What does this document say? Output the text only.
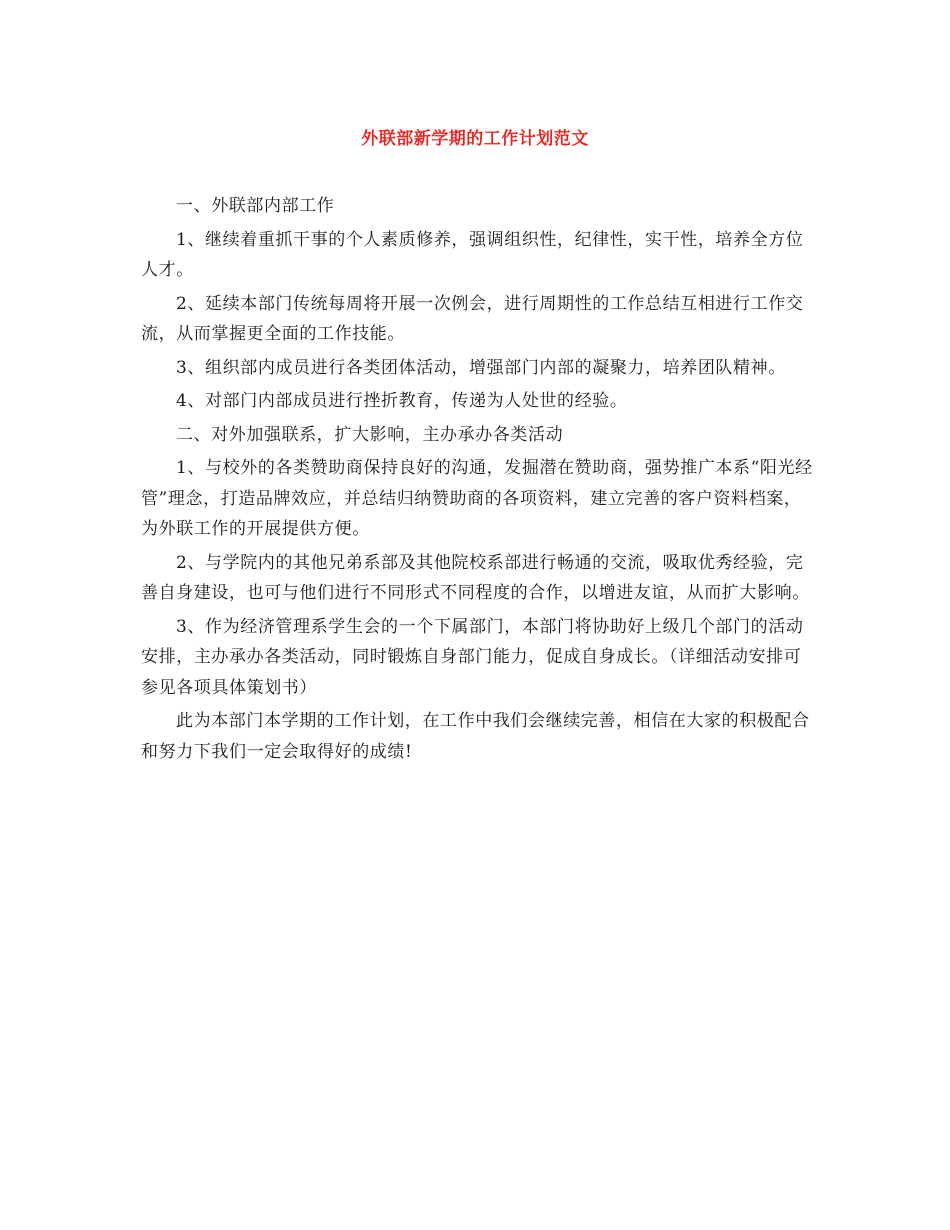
外联部新学期的工作计划范文

一、外联部内部工作

1、继续着重抓干事的个人素质修养，强调组织性，纪律性，实干性，培养全方位人才。

2、延续本部门传统每周将开展一次例会，进行周期性的工作总结互相进行工作交流，从而掌握更全面的工作技能。

3、组织部内成员进行各类团体活动，增强部门内部的凝聚力，培养团队精神。

4、对部门内部成员进行挫折教育，传递为人处世的经验。

二、对外加强联系，扩大影响，主办承办各类活动

1、与校外的各类赞助商保持良好的沟通，发掘潜在赞助商，强势推广本系“阳光经管”理念，打造品牌效应，并总结归纳赞助商的各项资料，建立完善的客户资料档案，为外联工作的开展提供方便。

2、与学院内的其他兄弟系部及其他院校系部进行畅通的交流，吸取优秀经验，完善自身建设，也可与他们进行不同形式不同程度的合作，以增进友谊，从而扩大影响。

3、作为经济管理系学生会的一个下属部门，本部门将协助好上级几个部门的活动安排，主办承办各类活动，同时锻炼自身部门能力，促成自身成长。（详细活动安排可参见各项具体策划书）

此为本部门本学期的工作计划，在工作中我们会继续完善，相信在大家的积极配合和努力下我们一定会取得好的成绩!
